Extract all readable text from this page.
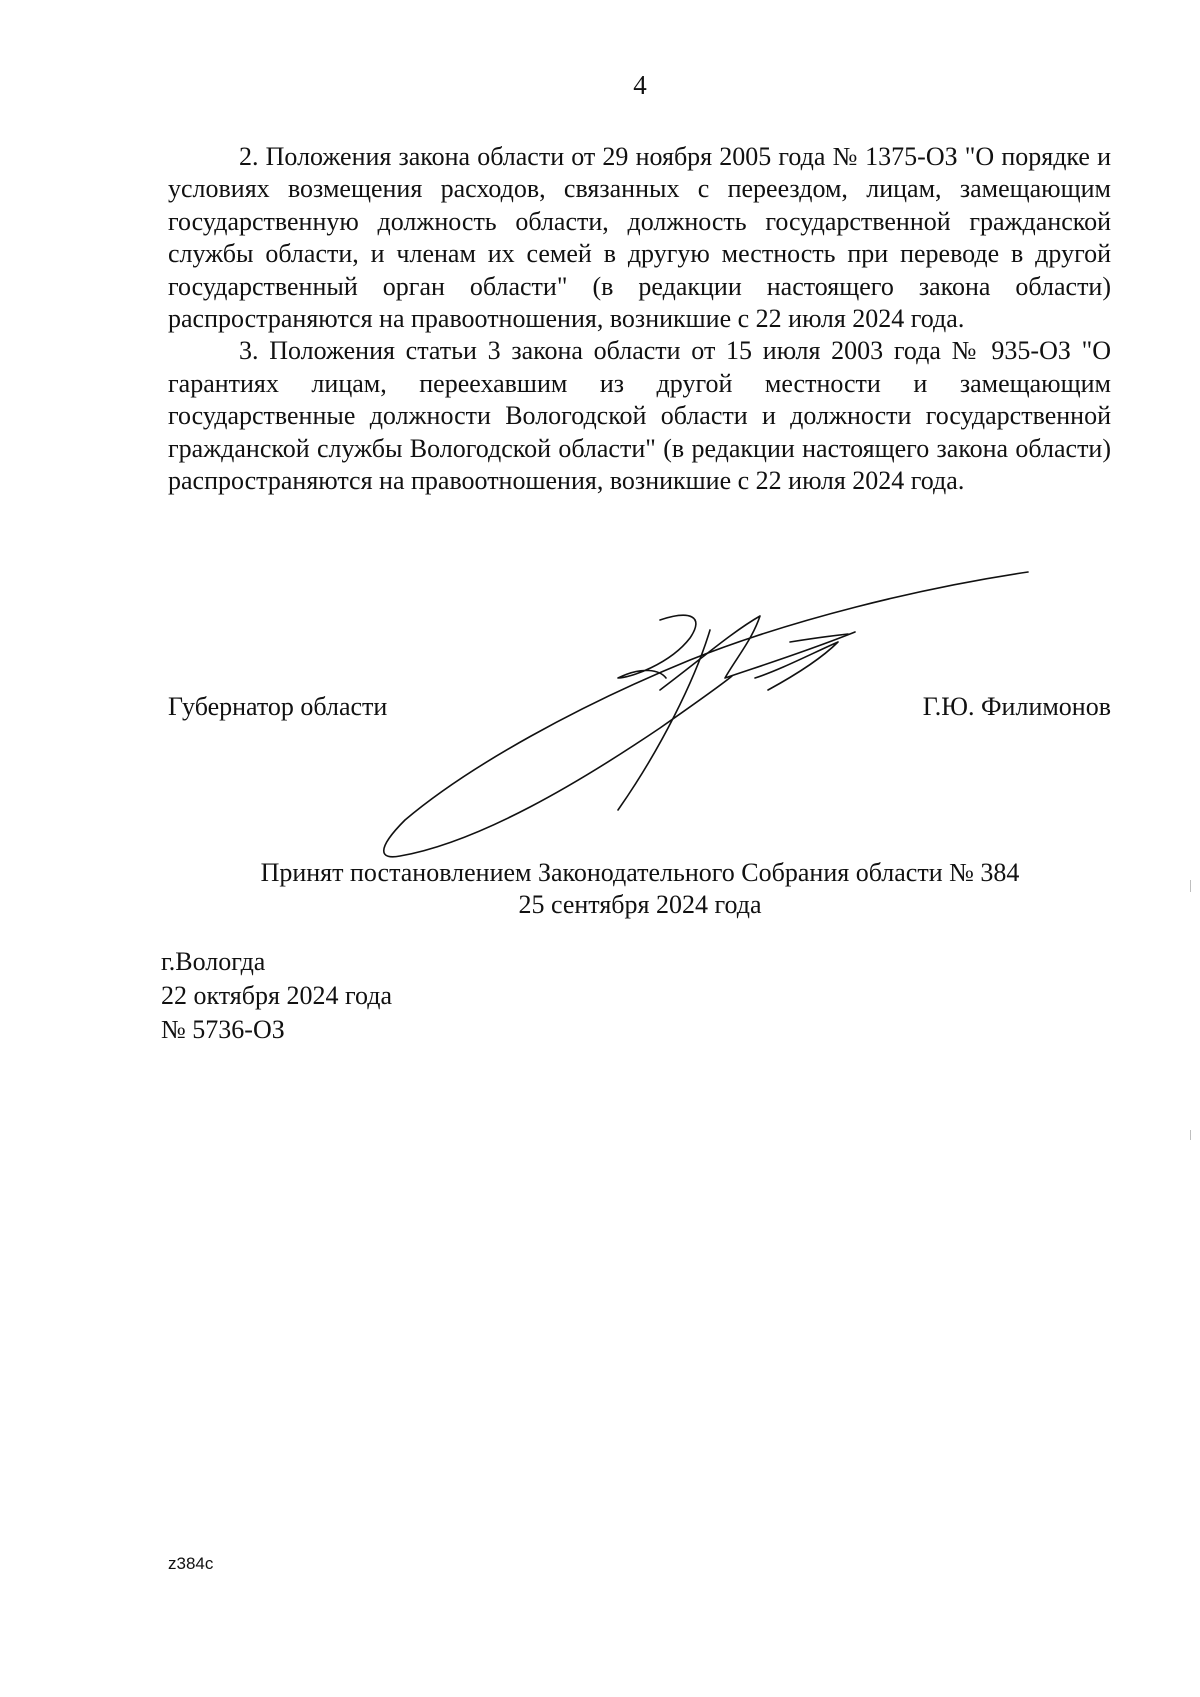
4

2. Положения закона области от 29 ноября 2005 года № 1375-ОЗ "О порядке и условиях возмещения расходов, связанных с переездом, лицам, замещающим государственную должность области, должность государственной гражданской службы области, и членам их семей в другую местность при переводе в другой государственный орган области" (в редакции настоящего закона области) распространяются на правоотношения, возникшие с 22 июля 2024 года.

3. Положения статьи 3 закона области от 15 июля 2003 года № 935-ОЗ "О гарантиях лицам, переехавшим из другой местности и замещающим государственные должности Вологодской области и должности государственной гражданской службы Вологодской области" (в редакции настоящего закона области) распространяются на правоотношения, возникшие с 22 июля 2024 года.

Губернатор области	Г.Ю. Филимонов
Принят постановлением Законодательного Собрания области № 384
25 сентября 2024 года
г.Вологда
22 октября 2024 года
№ 5736-ОЗ
z384c
